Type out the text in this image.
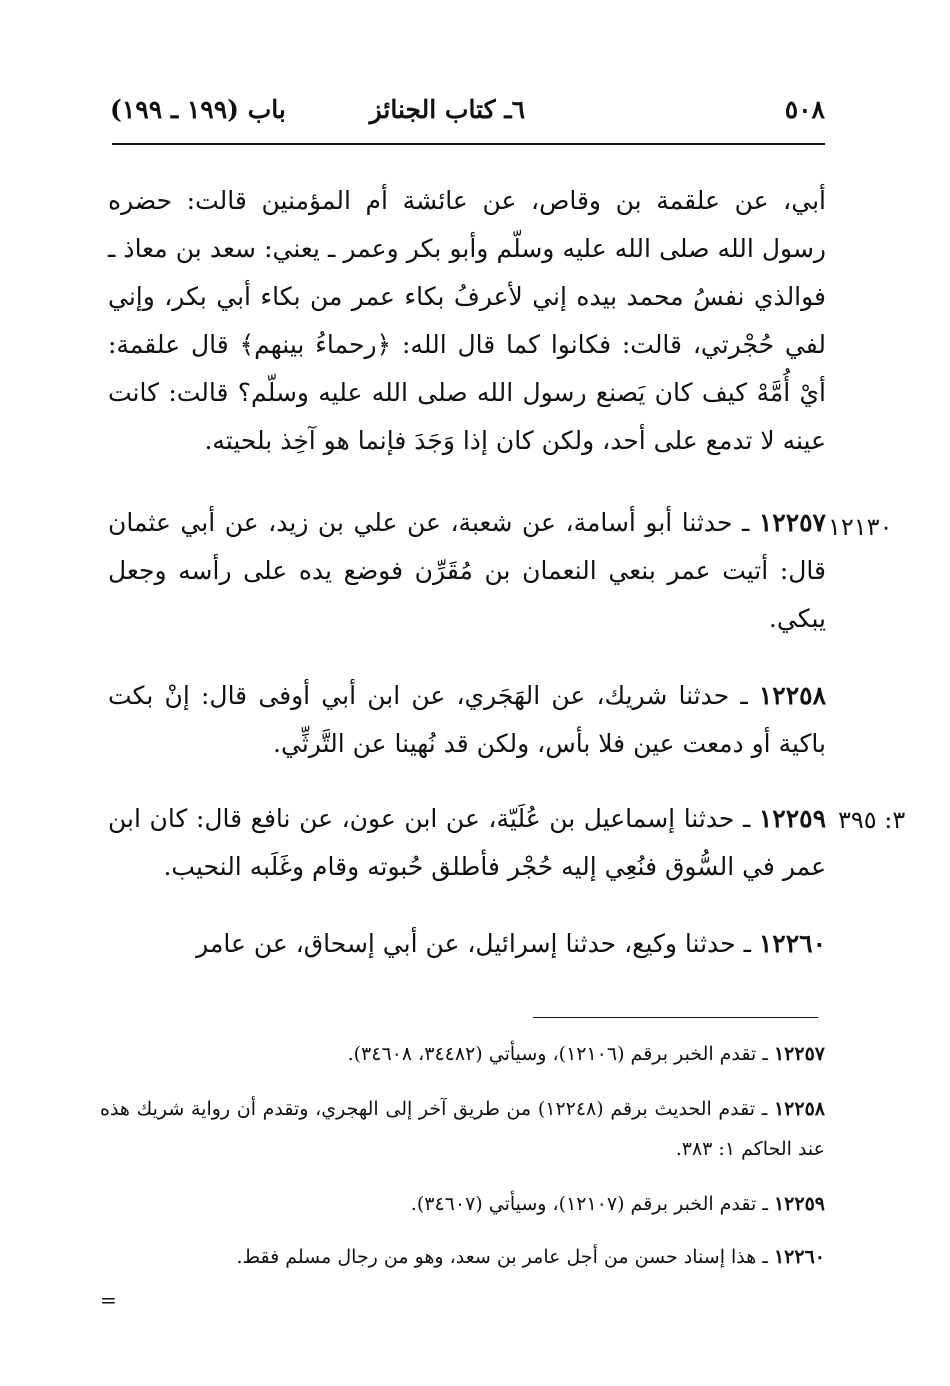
٥٠٨
٦ـ كتاب الجنائز
باب (١٩٩ ـ ١٩٩)
أبي، عن علقمة بن وقاص، عن عائشة أم المؤمنين قالت: حضره رسول الله صلى الله عليه وسلّم وأبو بكر وعمر ـ يعني: سعد بن معاذ ـ فوالذي نفسُ محمد بيده إني لأعرفُ بكاء عمر من بكاء أبي بكر، وإني لفي حُجْرتي، قالت: فكانوا كما قال الله: ﴿رحماءُ بينهم﴾ قال علقمة: أيْ أُمَّهْ كيف كان يَصنع رسول الله صلى الله عليه وسلّم؟ قالت: كانت عينه لا تدمع على أحد، ولكن كان إذا وَجَدَ فإنما هو آخِذ بلحيته.
١٢١٣٠
١٢٢٥٧ ـ حدثنا أبو أسامة، عن شعبة، عن علي بن زيد، عن أبي عثمان قال: أتيت عمر بنعي النعمان بن مُقَرِّن فوضع يده على رأسه وجعل يبكي.
١٢٢٥٨ ـ حدثنا شريك، عن الهَجَري، عن ابن أبي أوفى قال: إنْ بكت باكية أو دمعت عين فلا بأس، ولكن قد نُهينا عن التَّرثِّي.
٣: ٣٩٥
١٢٢٥٩ ـ حدثنا إسماعيل بن عُلَيّة، عن ابن عون، عن نافع قال: كان ابن عمر في السُّوق فنُعِي إليه حُجْر فأطلق حُبوته وقام وغَلَبه النحيب.
١٢٢٦٠ ـ حدثنا وكيع، حدثنا إسرائيل، عن أبي إسحاق، عن عامر
١٢٢٥٧ ـ تقدم الخبر برقم (١٢١٠٦)، وسيأتي (٣٤٤٨٢، ٣٤٦٠٨).
١٢٢٥٨ ـ تقدم الحديث برقم (١٢٢٤٨) من طريق آخر إلى الهجري، وتقدم أن رواية شريك هذه عند الحاكم ١: ٣٨٣.
١٢٢٥٩ ـ تقدم الخبر برقم (١٢١٠٧)، وسيأتي (٣٤٦٠٧).
١٢٢٦٠ ـ هذا إسناد حسن من أجل عامر بن سعد، وهو من رجال مسلم فقط.
=
